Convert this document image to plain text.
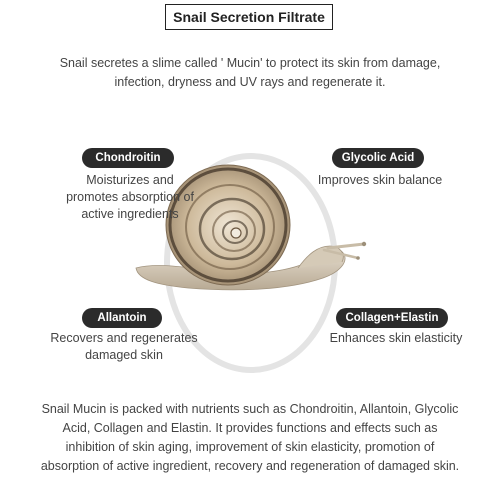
Snail Secretion Filtrate
Snail secretes a slime called ' Mucin' to protect its skin from damage, infection, dryness and UV rays and regenerate it.
Chondroitin
Moisturizes and promotes absorption of active ingredients
Glycolic Acid
Improves skin balance
Allantoin
Recovers and regenerates damaged skin
Collagen+Elastin
Enhances skin elasticity
Snail Mucin is packed with nutrients such as Chondroitin, Allantoin, Glycolic Acid, Collagen and Elastin. It provides functions and effects such as inhibition of skin aging, improvement of skin elasticity, promotion of absorption of active ingredient, recovery and regeneration of damaged skin.
